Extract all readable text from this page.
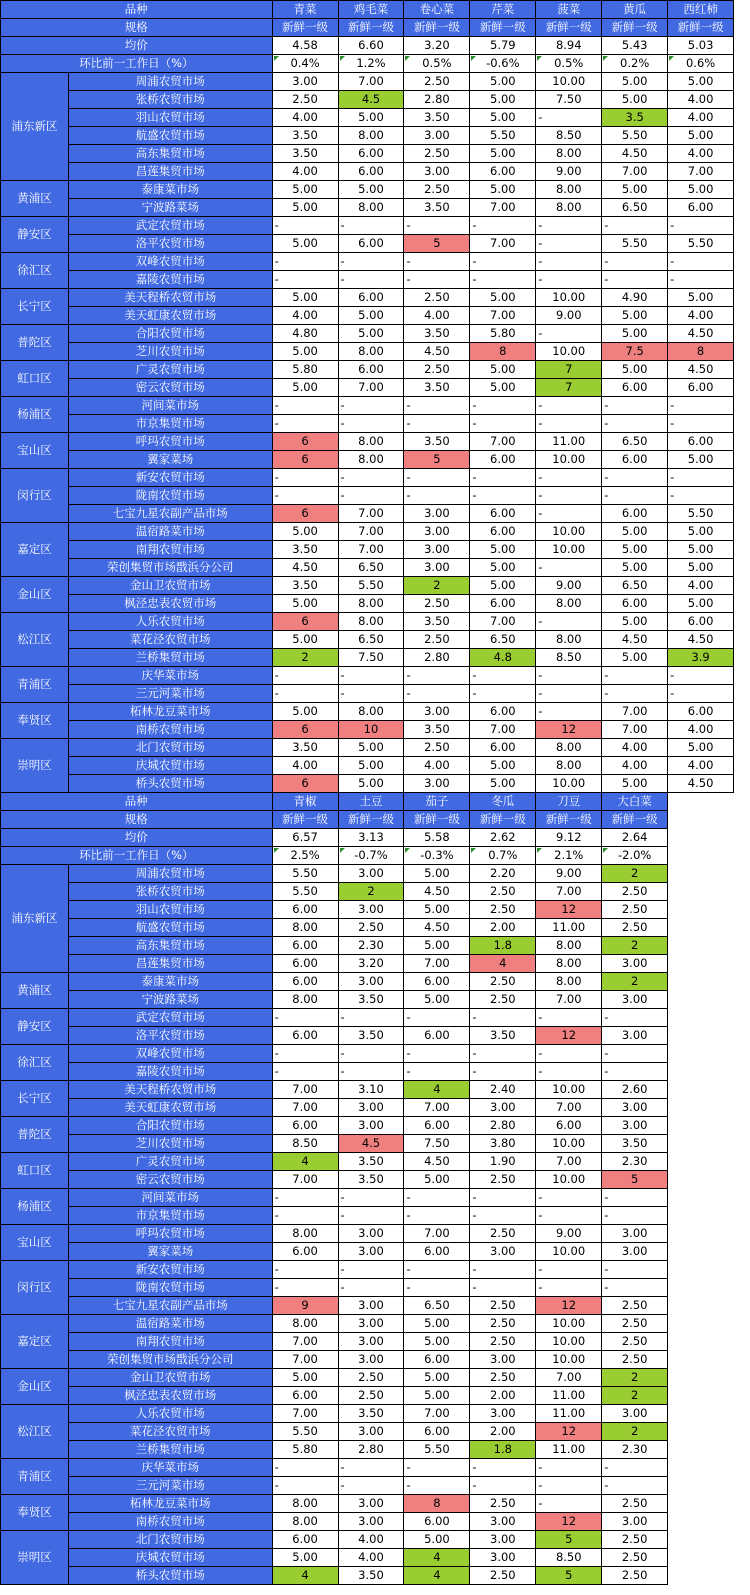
品种		青菜	鸡毛菜	卷心菜	芹菜	菠菜	黄瓜	西红柿	
规格		新鲜一级	新鲜一级	新鲜一级	新鲜一级	新鲜一级	新鲜一级	新鲜一级	
均价		4.58	6.60	3.20	5.79	8.94	5.43	5.03	
环比前一工作日（%）		0.4%	1.2%	0.5%	-0.6%	0.5%	0.2%	0.6%	
浦东新区	周浦农贸市场	3.00	7.00	2.50	5.00	10.00	5.00	5.00	
	张桥农贸市场	2.50	4.5	2.80	5.00	7.50	5.00	4.00	
	羽山农贸市场	4.00	5.00	3.50	5.00	-	3.5	4.00	
	航盛农贸市场	3.50	8.00	3.00	5.50	8.50	5.50	5.00	
	高东集贸市场	3.50	6.00	2.50	5.00	8.00	4.50	4.00	
	昌莲集贸市场	4.00	6.00	3.00	6.00	9.00	7.00	7.00	
黄浦区	泰康菜市场	5.00	5.00	2.50	5.00	8.00	5.00	5.00	
	宁波路菜场	5.00	8.00	3.50	7.00	8.00	6.50	6.00	
静安区	武定农贸市场	-	-	-	-	-	-	-	
	洛平农贸市场	5.00	6.00	5	7.00	-	5.50	5.50	
徐汇区	双峰农贸市场	-	-	-	-	-	-	-	
	嘉陵农贸市场	-	-	-	-	-	-	-	
长宁区	美天程桥农贸市场	5.00	6.00	2.50	5.00	10.00	4.90	5.00	
	美天虹康农贸市场	4.00	5.00	4.00	7.00	9.00	5.00	4.00	
普陀区	合阳农贸市场	4.80	5.00	3.50	5.80	-	5.00	4.50	
	芝川农贸市场	5.00	8.00	4.50	8	10.00	7.5	8	
虹口区	广灵农贸市场	5.80	6.00	2.50	5.00	7	5.00	4.50	
	密云农贸市场	5.00	7.00	3.50	5.00	7	6.00	6.00	
杨浦区	河间菜市场	-	-	-	-	-	-	-	
	市京集贸市场	-	-	-	-	-	-	-	
宝山区	呼玛农贸市场	6	8.00	3.50	7.00	11.00	6.50	6.00	
	翼家菜场	6	8.00	5	6.00	10.00	6.00	5.00	
闵行区	新安农贸市场	-	-	-	-	-	-	-	
	陇南农贸市场	-	-	-	-	-	-	-	
	七宝九星农副产品市场	6	7.00	3.00	6.00	-	6.00	5.50	
嘉定区	温宿路菜市场	5.00	7.00	3.00	6.00	10.00	5.00	5.00	
	南翔农贸市场	3.50	7.00	3.00	5.00	10.00	5.00	5.00	
	荣创集贸市场戬浜分公司	4.50	6.50	3.00	5.00	-	5.00	5.00	
金山区	金山卫农贸市场	3.50	5.50	2	5.00	9.00	6.50	4.00	
	枫泾忠表农贸市场	5.00	8.00	2.50	6.00	8.00	6.00	5.00	
松江区	人乐农贸市场	6	8.00	3.50	7.00	-	5.00	6.00	
	菜花泾农贸市场	5.00	6.50	2.50	6.50	8.00	4.50	4.50	
	兰桥集贸市场	2	7.50	2.80	4.8	8.50	5.00	3.9	
青浦区	庆华菜市场	-	-	-	-	-	-	-	
	三元河菜市场	-	-	-	-	-	-	-	
奉贤区	柘林龙豆菜市场	5.00	8.00	3.00	6.00	-	7.00	6.00	
	南桥农贸市场	6	10	3.50	7.00	12	7.00	4.00	
崇明区	北门农贸市场	3.50	5.00	2.50	6.00	8.00	4.00	5.00	
	庆城农贸市场	4.00	5.00	4.00	5.00	8.00	4.00	4.00	
	桥头农贸市场	6	5.00	3.00	5.00	10.00	5.00	4.50	
品种		青椒	土豆	茄子	冬瓜	刀豆	大白菜		
规格		新鲜一级	新鲜一级	新鲜一级	新鲜一级	新鲜一级	新鲜一级		
均价		6.57	3.13	5.58	2.62	9.12	2.64		
环比前一工作日（%）		2.5%	-0.7%	-0.3%	0.7%	2.1%	-2.0%		
浦东新区	周浦农贸市场	5.50	3.00	5.00	2.20	9.00	2		
	张桥农贸市场	5.50	2	4.50	2.50	7.00	2.50		
	羽山农贸市场	6.00	3.00	5.00	2.50	12	2.50		
	航盛农贸市场	8.00	2.50	4.50	2.00	11.00	2.50		
	高东集贸市场	6.00	2.30	5.00	1.8	8.00	2		
	昌莲集贸市场	6.00	3.20	7.00	4	8.00	3.00		
黄浦区	泰康菜市场	6.00	3.00	6.00	2.50	8.00	2		
	宁波路菜场	8.00	3.50	5.00	2.50	7.00	3.00		
静安区	武定农贸市场	-	-	-	-	-	-		
	洛平农贸市场	6.00	3.50	6.00	3.50	12	3.00		
徐汇区	双峰农贸市场	-	-	-	-	-	-		
	嘉陵农贸市场	-	-	-	-	-	-		
长宁区	美天程桥农贸市场	7.00	3.10	4	2.40	10.00	2.60		
	美天虹康农贸市场	7.00	3.00	7.00	3.00	7.00	3.00		
普陀区	合阳农贸市场	6.00	3.00	6.00	2.80	6.00	3.00		
	芝川农贸市场	8.50	4.5	7.50	3.80	10.00	3.50		
虹口区	广灵农贸市场	4	3.50	4.50	1.90	7.00	2.30		
	密云农贸市场	7.00	3.50	5.00	2.50	10.00	5		
杨浦区	河间菜市场	-	-	-	-	-	-		
	市京集贸市场	-	-	-	-	-	-		
宝山区	呼玛农贸市场	8.00	3.00	7.00	2.50	9.00	3.00		
	翼家菜场	6.00	3.00	6.00	3.00	10.00	3.00		
闵行区	新安农贸市场	-	-	-	-	-	-		
	陇南农贸市场	-	-	-	-	-	-		
	七宝九星农副产品市场	9	3.00	6.50	2.50	12	2.50		
嘉定区	温宿路菜市场	8.00	3.00	5.00	2.50	10.00	2.50		
	南翔农贸市场	7.00	3.00	5.00	2.50	10.00	2.50		
	荣创集贸市场戬浜分公司	7.00	3.00	6.00	3.00	10.00	2.50		
金山区	金山卫农贸市场	5.00	2.50	5.00	2.50	7.00	2		
	枫泾忠表农贸市场	6.00	2.50	5.00	2.00	11.00	2		
松江区	人乐农贸市场	7.00	3.50	7.00	3.00	11.00	3.00		
	菜花泾农贸市场	5.50	3.00	6.00	2.00	12	2		
	兰桥集贸市场	5.80	2.80	5.50	1.8	11.00	2.30		
青浦区	庆华菜市场	-	-	-	-	-	-		
	三元河菜市场	-	-	-	-	-	-		
奉贤区	柘林龙豆菜市场	8.00	3.00	8	2.50	-	2.50		
	南桥农贸市场	8.00	3.00	6.00	3.00	12	3.00		
崇明区	北门农贸市场	6.00	4.00	5.00	3.00	5	2.50		
	庆城农贸市场	5.00	4.00	4	3.00	8.50	2.50		
	桥头农贸市场	4	3.50	4	2.50	5	2.50		
